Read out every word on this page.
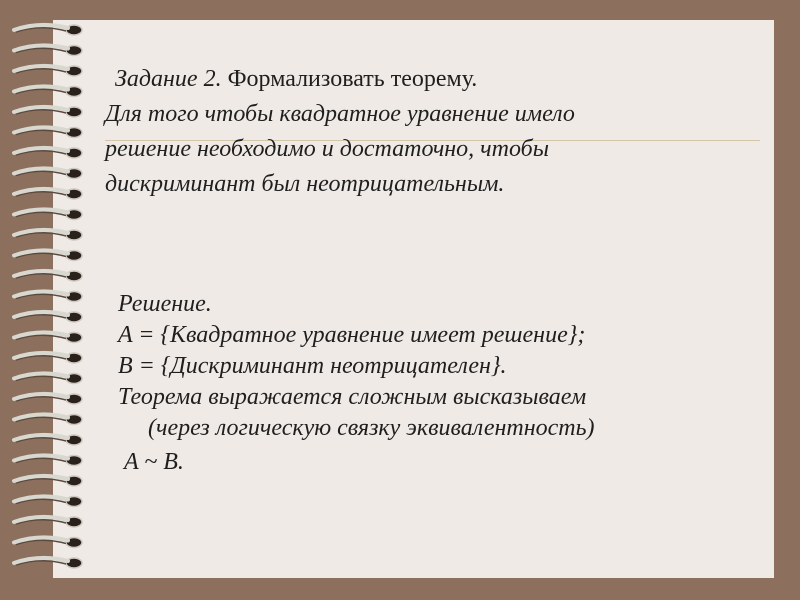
Задание 2. Формализовать теорему.
Для того чтобы квадратное уравнение имело
решение необходимо и достаточно, чтобы
дискриминант был неотрицательным.
Решение.
A = {Квадратное уравнение имеет решение};
B = {Дискриминант неотрицателен}.
Теорема выражается сложным высказываем
(через логическую связку эквивалентность)
A ~ B.
